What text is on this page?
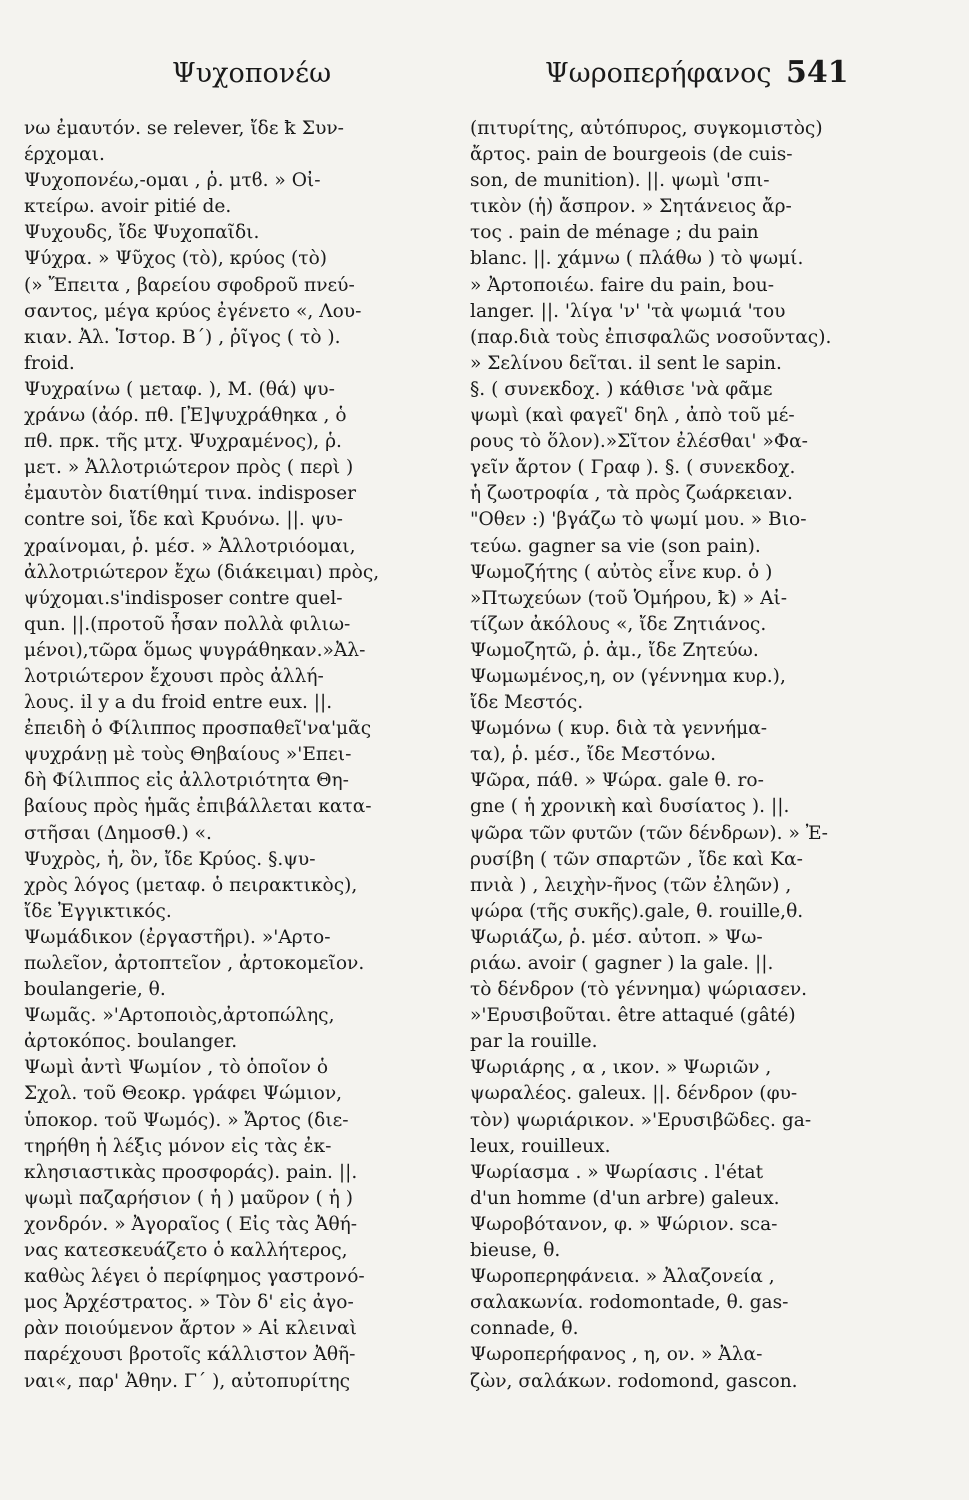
Ψυχοπονέω	Ψωροπερήφανος 541
νω ἐμαυτόν. se relever, ἴδε ꝁ Συν-
έρχομαι.
Ψυχοπονέω,-ομαι , ῥ. μτϐ. » Οἰ-
κτείρω. avoir pitié de.
Ψυχουδς, ἴδε Ψυχοπαῖδι.
Ψύχρα. » Ψῦχος (τὸ), κρύος (τὸ)
(» Ἔπειτα , βαρείου σφοδροῦ πνεύ-
σαντος, μέγα κρύος ἐγένετο «, Λου-
κιαν. Ἀλ. Ἱστορ. Β΄) , ῥῖγος ( τὸ ).
froid.
Ψυχραίνω ( μεταφ. ), Μ. (θά) ψυ-
χράνω (ἀόρ. πθ. [Ἐ]ψυχράθηκα , ὁ
πθ. πρκ. τῆς μτχ. Ψυχραμένος), ῥ.
μετ. » Ἀλλοτριώτερον πρὸς ( περὶ )
ἐμαυτὸν διατίθημί τινα. indisposer
contre soi, ἴδε καὶ Κρυόνω. ||. ψυ-
χραίνομαι, ῥ. μέσ. » Ἀλλοτριόομαι,
ἀλλοτριώτερον ἔχω (διάκειμαι) πρὸς,
ψύχομαι.s'indisposer contre quel-
qun. ||.(προτοῦ ἦσαν πολλὰ φιλιω-
μένοι),τῶρα ὅμως ψυγράθηκαν.»Ἀλ-
λοτριώτερον ἔχουσι πρὸς ἀλλή-
λους. il y a du froid entre eux. ||.
ἐπειδὴ ὁ Φίλιππος προσπαθεῖ'να'μᾶς
ψυχράνῃ μὲ τοὺς Θηβαίους »'Επει-
δὴ Φίλιππος εἰς ἀλλοτριότητα Θη-
βαίους πρὸς ἡμᾶς ἐπιβάλλεται κατα-
στῆσαι (Δημοσθ.) «.
Ψυχρὸς, ἡ, ὂν, ἴδε Κρύος. §.ψυ-
χρὸς λόγος (μεταφ. ὁ πειρακτικὸς),
ἴδε Ἐγγικτικός.
Ψωμάδικον (ἐργαστῆρι). »'Αρτο-
πωλεῖον, ἀρτοπτεῖον , ἀρτοκομεῖον.
boulangerie, θ.
Ψωμᾶς. »'Αρτοποιὸς,ἀρτοπώλης,
ἀρτοκόπος. boulanger.
Ψωμὶ ἀντὶ Ψωμίον , τὸ ὁποῖον ὁ
Σχολ. τοῦ Θεοκρ. γράφει Ψώμιον,
ὑποκορ. τοῦ Ψωμός). » Ἄρτος (διε-
τηρήθη ἡ λέξις μόνον εἰς τὰς ἐκ-
κλησιαστικὰς προσφοράς). pain. ||.
ψωμὶ παζαρήσιον ( ἡ ) μαῦρον ( ἡ )
χονδρόν. » Ἀγοραῖος ( Εἰς τὰς Ἀθή-
νας κατεσκευάζετο ὁ καλλήτερος,
καθὼς λέγει ὁ περίφημος γαστρονό-
μος Ἀρχέστρατος. » Τὸν δ' εἰς ἀγο-
ρὰν ποιούμενον ἄρτον » Αἱ κλειναὶ
παρέχουσι βροτοῖς κάλλιστον Ἀθῆ-
ναι«, παρ' Ἀθην. Γ΄ ), αὐτοπυρίτης
(πιτυρίτης, αὐτόπυρος, συγκομιστὸς)
ἄρτος. pain de bourgeois (de cuis-
son, de munition). ||. ψωμὶ 'σπι-
τικὸν (ἡ) ἄσπρον. » Σητάνειος ἄρ-
τος . pain de ménage ; du pain
blanc. ||. χάμνω ( πλάθω ) τὸ ψωμί.
» Ἀρτοποιέω. faire du pain, bou-
langer. ||. 'λίγα 'ν' 'τὰ ψωμιά 'του
(παρ.διὰ τοὺς ἐπισφαλῶς νοσοῦντας).
» Σελίνου δεῖται. il sent le sapin.
§. ( συνεκδοχ. ) κάθισε 'νὰ φᾶμε
ψωμὶ (καὶ φαγεῖ' δηλ , ἀπὸ τοῦ μέ-
ρους τὸ ὅλον).»Σῖτον ἐλέσθαι' »Φα-
γεῖν ἄρτον ( Γραφ ). §. ( συνεκδοχ.
ἡ ζωοτροφία , τὰ πρὸς ζωάρκειαν.
"Οθεν :) 'βγάζω τὸ ψωμί μου. » Βιο-
τεύω. gagner sa vie (son pain).
Ψωμοζήτης ( αὐτὸς εἶνε κυρ. ὁ )
»Πτωχεύων (τοῦ Ὁμήρου, ꝁ) » Αἰ-
τίζων ἀκόλους «, ἴδε Ζητιάνος.
Ψωμοζητῶ, ῥ. ἀμ., ἴδε Ζητεύω.
Ψωμωμένος,η, ον (γέννημα κυρ.),
ἴδε Μεστός.
Ψωμόνω ( κυρ. διὰ τὰ γεννήμα-
τα), ῥ. μέσ., ἴδε Μεστόνω.
Ψῶρα, πάθ. » Ψώρα. gale θ. ro-
gne ( ἡ χρονικὴ καὶ δυσίατος ). ||.
ψῶρα τῶν φυτῶν (τῶν δένδρων). » Ἐ-
ρυσίβη ( τῶν σπαρτῶν , ἴδε καὶ Κα-
πνιὰ ) , λειχὴν-ῆνος (τῶν ἐληῶν) ,
ψώρα (τῆς συκῆς).gale, θ. rouille,θ.
Ψωριάζω, ῥ. μέσ. αὐτοπ. » Ψω-
ριάω. avoir ( gagner ) la gale. ||.
τὸ δένδρον (τὸ γέννημα) ψώριασεν.
»'Ερυσιβοῦται. être attaqué (gâté)
par la rouille.
Ψωριάρης , α , ικον. » Ψωριῶν ,
ψωραλέος. galeux. ||. δένδρον (φυ-
τὸν) ψωριάρικον. »'Ερυσιβῶδες. ga-
leux, rouilleux.
Ψωρίασμα . » Ψωρίασις . l'état
d'un homme (d'un arbre) galeux.
Ψωροβότανον, φ. » Ψώριον. sca-
bieuse, θ.
Ψωροπερηφάνεια. » Ἀλαζονεία ,
σαλακωνία. rodomontade, θ. gas-
connade, θ.
Ψωροπερήφανος , η, ον. » Ἀλα-
ζὼν, σαλάκων. rodomond, gascon.
